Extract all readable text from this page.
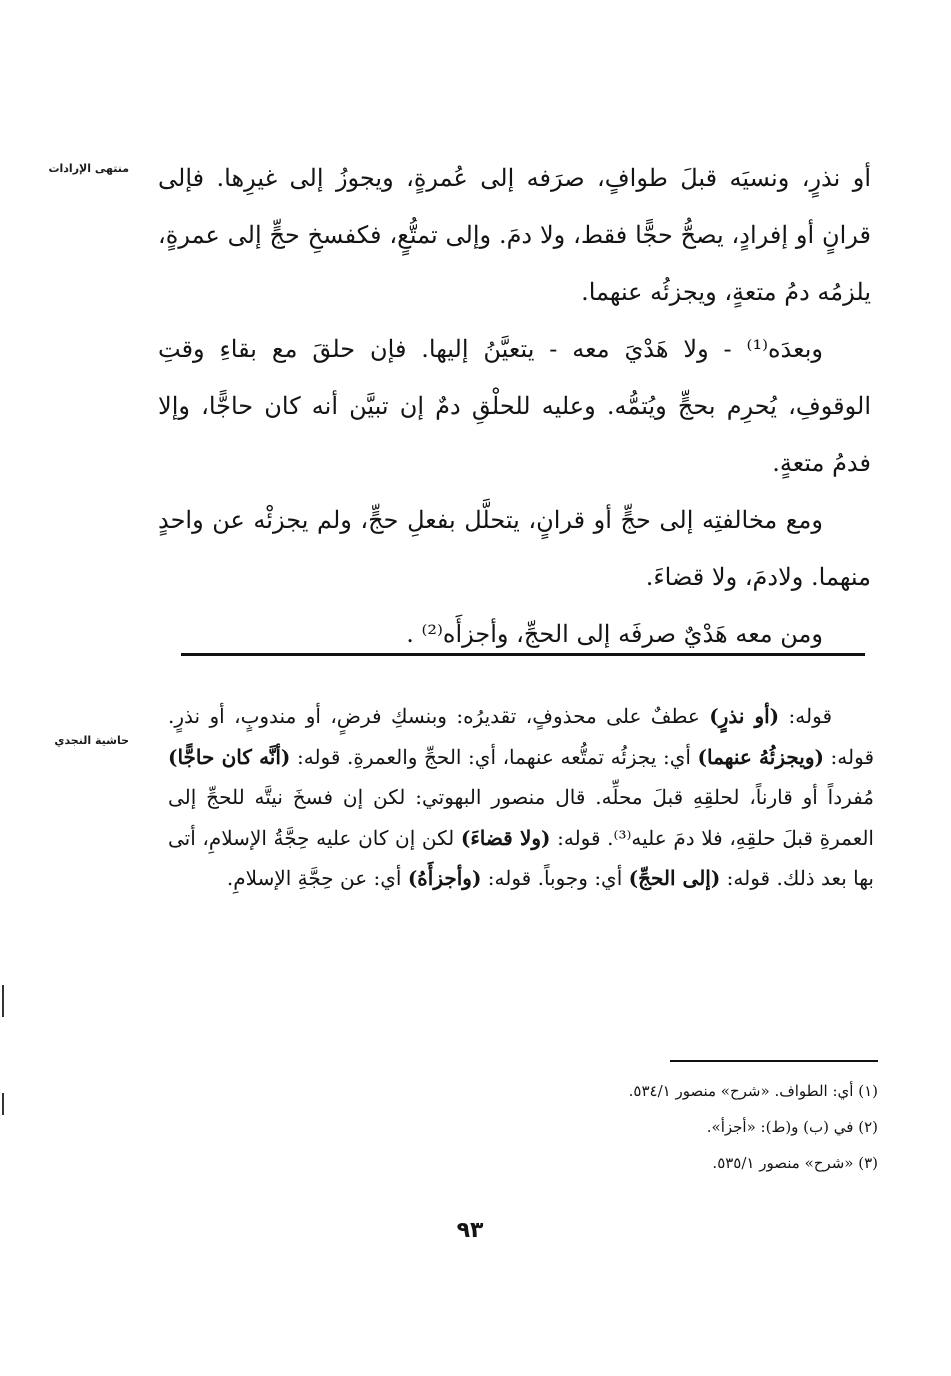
منتهى الإرادات أو نذرٍ، ونسيَه قبلَ طوافٍ، صرَفه إلى عُمرةٍ، ويجوزُ إلى غيرِها. فإلى قرانٍ أو إفرادٍ، يصحُّ حجًّا فقط، ولا دمَ. وإلى تمتُّعٍ، فكفسخِ حجٍّ إلى عمرةٍ، يلزمُه دمُ متعةٍ، ويجزئُه عنهما.

وبعدَه⁽¹⁾ - ولا هَدْيَ معه - يتعيَّنُ إليها. فإن حلقَ مع بقاءِ وقتِ الوقوفِ، يُحرِم بحجٍّ ويُتمُّه. وعليه للحلْقِ دمٌ إن تبيَّن أنه كان حاجًّا، وإلا فدمُ متعةٍ.

ومع مخالفتِه إلى حجٍّ أو قرانٍ، يتحلَّل بفعلِ حجٍّ، ولم يجزئْه عن واحدٍ منهما. ولادمَ، ولا قضاءَ.

ومن معه هَدْيٌ صرفَه إلى الحجِّ، وأجزأَه⁽²⁾ .

حاشية النجدي

قوله: (أو نذرٍ) عطفٌ على محذوفٍ، تقديرُه: وبنسكِ فرضٍ، أو مندوبٍ، أو نذرٍ. قوله: (ويجزئُهُ عنهما) أي: يجزئُه تمتُّعه عنهما، أي: الحجِّ والعمرةِ. قوله: (أنَّه كان حاجًّا) مُفرداً أو قارناً، لحلقِهِ قبلَ محلِّه. قال منصور البهوتي: لكن إن فسخَ نيتَّه للحجِّ إلى العمرةِ قبلَ حلقِهِ، فلا دمَ عليه⁽³⁾. قوله: (ولا قضاءَ) لكن إن كان عليه حِجَّةُ الإسلامِ، أتى بها بعد ذلك. قوله: (إلى الحجِّ) أي: وجوباً. قوله: (وأجزأَهُ) أي: عن حِجَّةِ الإسلامِ.

(١) أي: الطواف. «شرح» منصور ٥٣٤/١.
(٢) في (ب) و(ط): «أجزأ».
(٣) «شرح» منصور ٥٣٥/١.
٩٣
